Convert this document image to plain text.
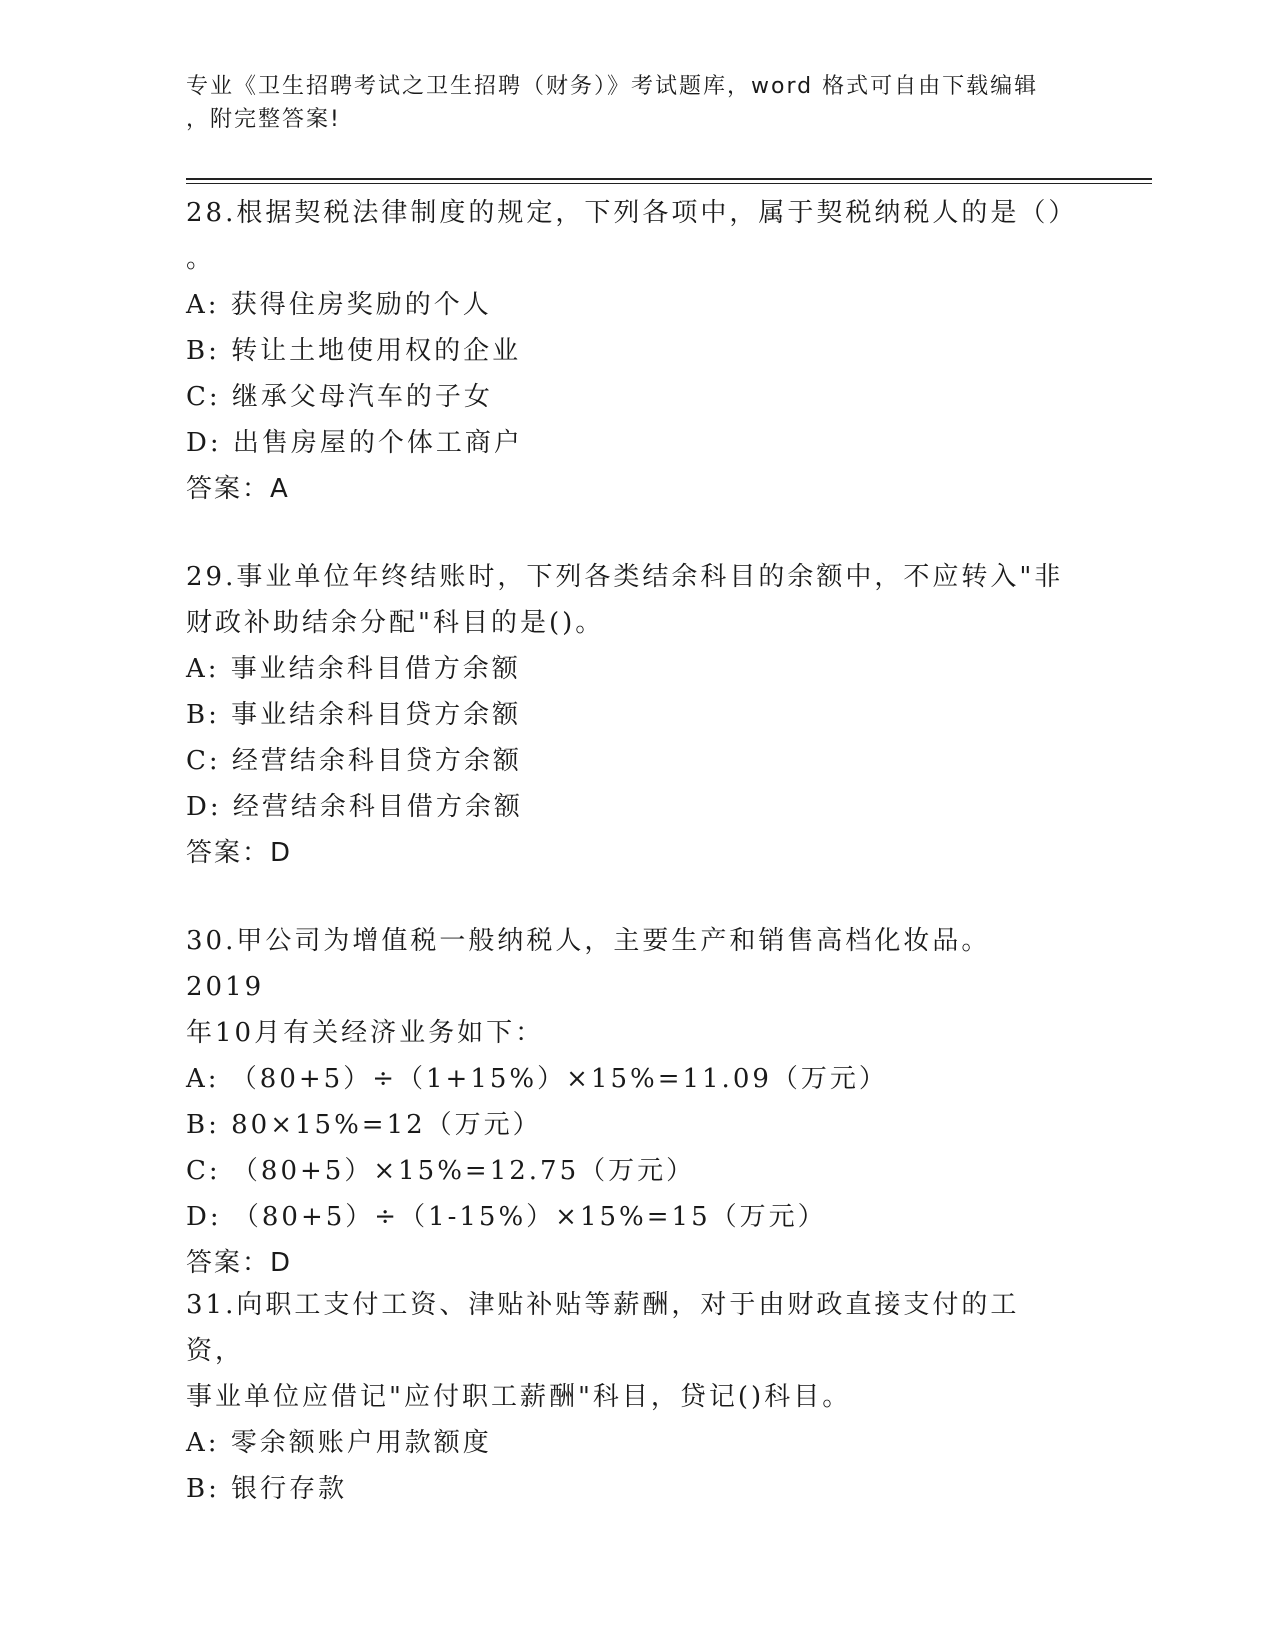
专业《卫生招聘考试之卫生招聘（财务）》考试题库，word 格式可自由下载编辑
，附完整答案!

28.根据契税法律制度的规定，下列各项中，属于契税纳税人的是（）

。

A: 获得住房奖励的个人

B: 转让土地使用权的企业

C: 继承父母汽车的子女

D: 出售房屋的个体工商户

答案：A

29.事业单位年终结账时，下列各类结余科目的余额中，不应转入"非

财政补助结余分配"科目的是()。

A: 事业结余科目借方余额

B: 事业结余科目贷方余额

C: 经营结余科目贷方余额

D: 经营结余科目借方余额

答案：D

30.甲公司为增值税一般纳税人，主要生产和销售高档化妆品。2019

年10月有关经济业务如下：

A: （80+5）÷（1+15%）×15%=11.09（万元）

B: 80×15%=12（万元）

C: （80+5）×15%=12.75（万元）

D: （80+5）÷（1-15%）×15%=15（万元）

答案：D

31.向职工支付工资、津贴补贴等薪酬，对于由财政直接支付的工资，

事业单位应借记"应付职工薪酬"科目，贷记()科目。

A: 零余额账户用款额度

B: 银行存款
